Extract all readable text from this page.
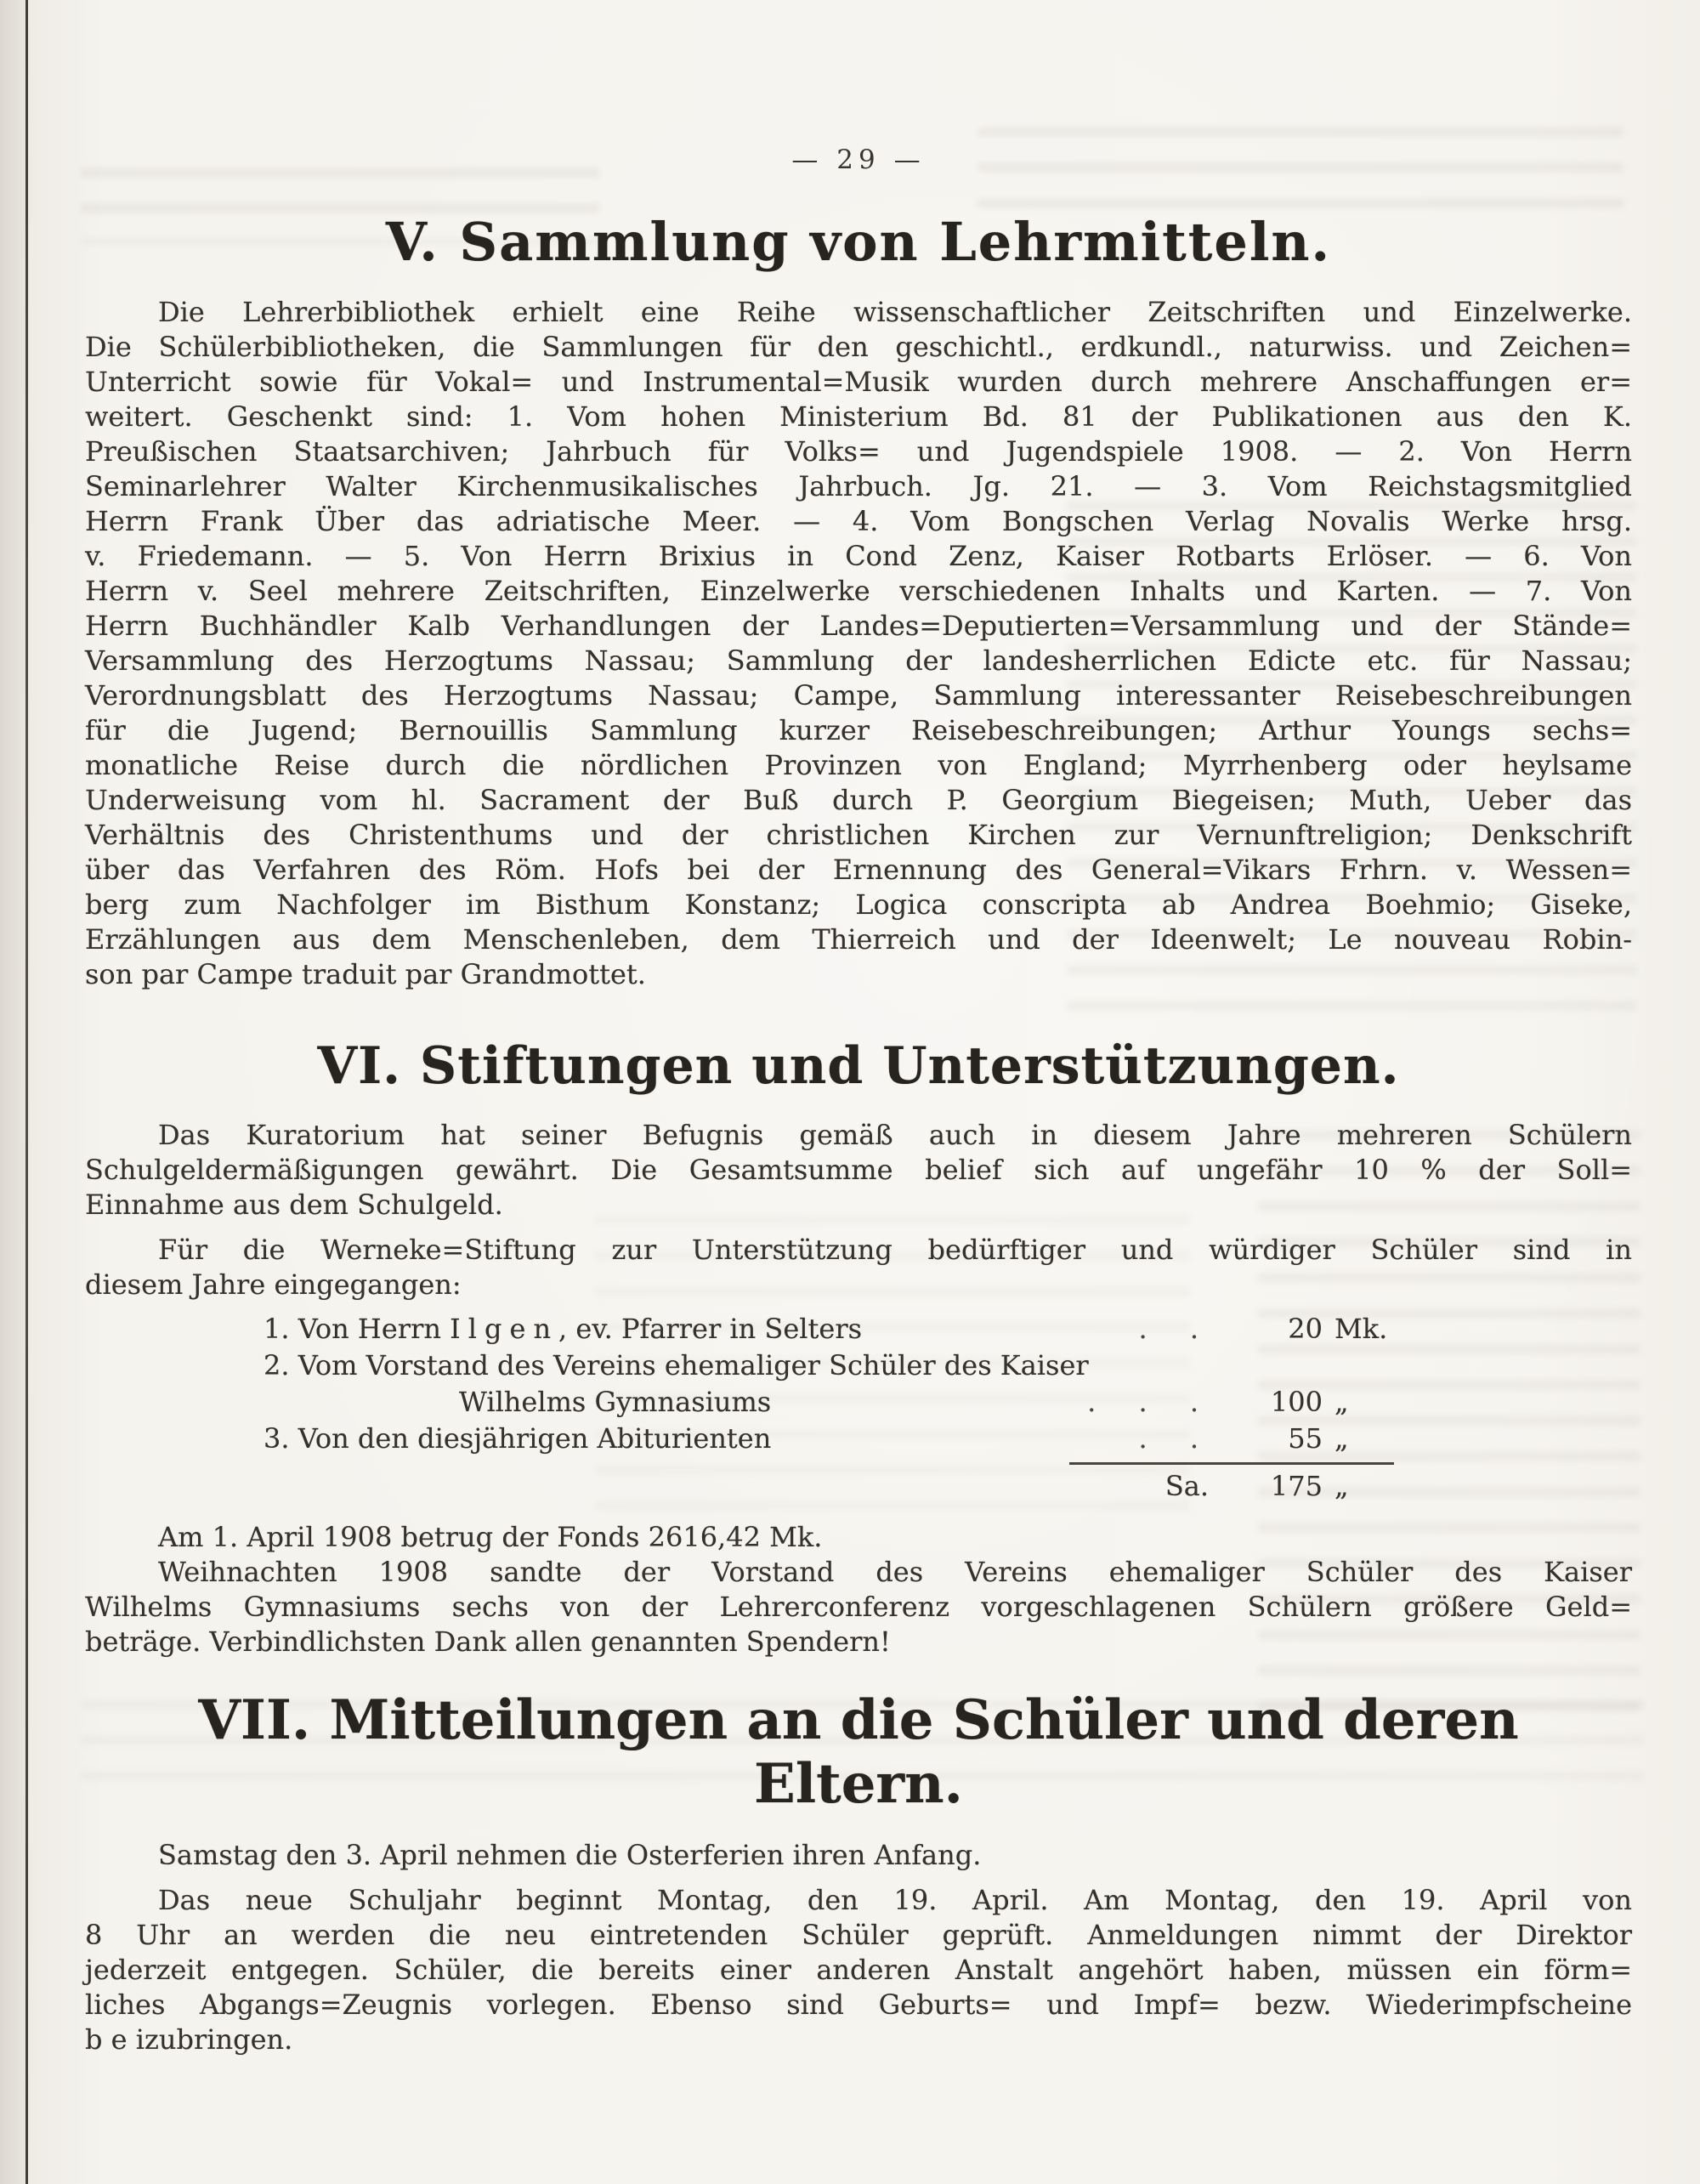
— 29 —
V. Sammlung von Lehrmitteln.
Die Lehrerbibliothek erhielt eine Reihe wissenschaftlicher Zeitschriften und Einzelwerke.
Die Schülerbibliotheken, die Sammlungen für den geschichtl., erdkundl., naturwiss. und Zeichen=
Unterricht sowie für Vokal= und Instrumental=Musik wurden durch mehrere Anschaffungen er=
weitert. Geschenkt sind: 1. Vom hohen Ministerium Bd. 81 der Publikationen aus den K.
Preußischen Staatsarchiven; Jahrbuch für Volks= und Jugendspiele 1908. — 2. Von Herrn
Seminarlehrer Walter Kirchenmusikalisches Jahrbuch. Jg. 21. — 3. Vom Reichstagsmitglied
Herrn Frank Über das adriatische Meer. — 4. Vom Bongschen Verlag Novalis Werke hrsg.
v. Friedemann. — 5. Von Herrn Brixius in Cond Zenz, Kaiser Rotbarts Erlöser. — 6. Von
Herrn v. Seel mehrere Zeitschriften, Einzelwerke verschiedenen Inhalts und Karten. — 7. Von
Herrn Buchhändler Kalb Verhandlungen der Landes=Deputierten=Versammlung und der Stände=
Versammlung des Herzogtums Nassau; Sammlung der landesherrlichen Edicte etc. für Nassau;
Verordnungsblatt des Herzogtums Nassau; Campe, Sammlung interessanter Reisebeschreibungen
für die Jugend; Bernouillis Sammlung kurzer Reisebeschreibungen; Arthur Youngs sechs=
monatliche Reise durch die nördlichen Provinzen von England; Myrrhenberg oder heylsame
Underweisung vom hl. Sacrament der Buß durch P. Georgium Biegeisen; Muth, Ueber das
Verhältnis des Christenthums und der christlichen Kirchen zur Vernunftreligion; Denkschrift
über das Verfahren des Röm. Hofs bei der Ernennung des General=Vikars Frhrn. v. Wessen=
berg zum Nachfolger im Bisthum Konstanz; Logica conscripta ab Andrea Boehmio; Giseke,
Erzählungen aus dem Menschenleben, dem Thierreich und der Ideenwelt; Le nouveau Robin-
son par Campe traduit par Grandmottet.
VI. Stiftungen und Unterstützungen.
Das Kuratorium hat seiner Befugnis gemäß auch in diesem Jahre mehreren Schülern
Schulgeldermäßigungen gewährt. Die Gesamtsumme belief sich auf ungefähr 10 % der Soll=
Einnahme aus dem Schulgeld.
Für die Werneke=Stiftung zur Unterstützung bedürftiger und würdiger Schüler sind in
diesem Jahre eingegangen:
1. Von Herrn Ilgen, ev. Pfarrer in Selters	. .	20 Mk.
2. Vom Vorstand des Vereins ehemaliger Schüler des Kaiser
Wilhelms Gymnasiums	. . .	100 „
3. Von den diesjährigen Abiturienten	. .	55 „
Sa.	175 „
Am 1. April 1908 betrug der Fonds 2616,42 Mk.
Weihnachten 1908 sandte der Vorstand des Vereins ehemaliger Schüler des Kaiser
Wilhelms Gymnasiums sechs von der Lehrerconferenz vorgeschlagenen Schülern größere Geld=
beträge. Verbindlichsten Dank allen genannten Spendern!
VII. Mitteilungen an die Schüler und deren Eltern.
Samstag den 3. April nehmen die Osterferien ihren Anfang.
Das neue Schuljahr beginnt Montag, den 19. April. Am Montag, den 19. April von
8 Uhr an werden die neu eintretenden Schüler geprüft. Anmeldungen nimmt der Direktor
jederzeit entgegen. Schüler, die bereits einer anderen Anstalt angehört haben, müssen ein förm=
liches Abgangs=Zeugnis vorlegen. Ebenso sind Geburts= und Impf= bezw. Wiederimpfscheine
b e izubringen.
